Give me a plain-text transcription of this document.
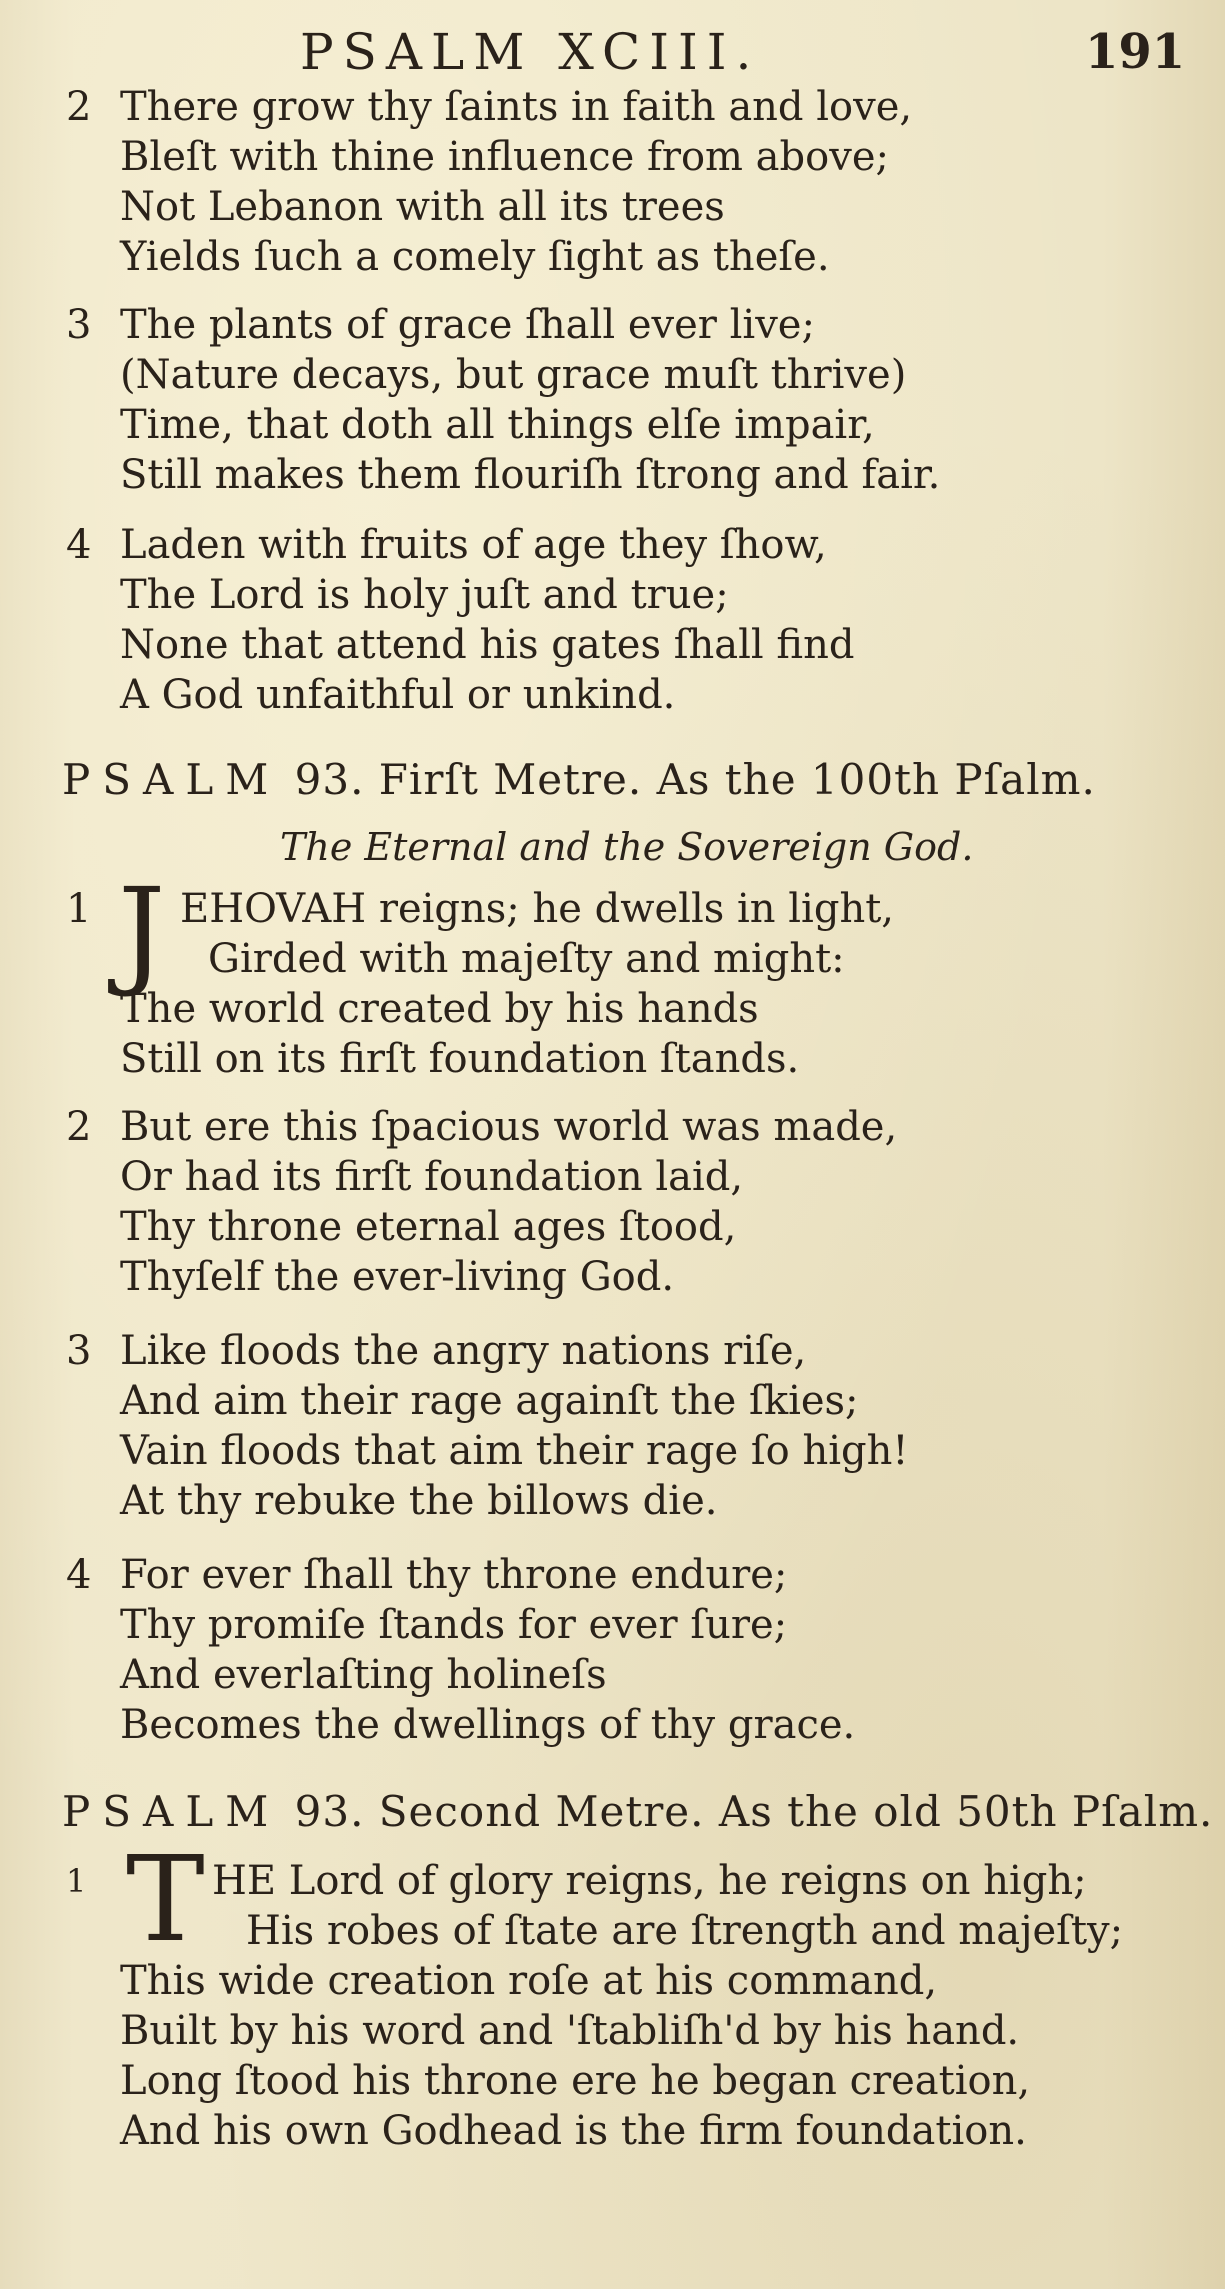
PSALM XCIII.	191
2 There grow thy ſaints in faith and love,
Bleſt with thine influence from above;
Not Lebanon with all its trees
Yields ſuch a comely ſight as theſe.
3 The plants of grace ſhall ever live;
(Nature decays, but grace muſt thrive)
Time, that doth all things elſe impair,
Still makes them flouriſh ſtrong and fair.
4 Laden with fruits of age they ſhow,
The Lord is holy juſt and true;
None that attend his gates ſhall find
A God unfaithful or unkind.
PSALM 93. Firſt Metre. As the 100th Pſalm.
The Eternal and the Sovereign God.
1 J EHOVAH reigns; he dwells in light,
Girded with majeſty and might:
The world created by his hands
Still on its firſt foundation ſtands.
2 But ere this ſpacious world was made,
Or had its firſt foundation laid,
Thy throne eternal ages ſtood,
Thyſelf the ever-living God.
3 Like floods the angry nations riſe,
And aim their rage againſt the ſkies;
Vain floods that aim their rage ſo high!
At thy rebuke the billows die.
4 For ever ſhall thy throne endure;
Thy promiſe ſtands for ever ſure;
And everlaſting holineſs
Becomes the dwellings of thy grace.
PSALM 93. Second Metre. As the old 50th Pſalm.
1 T HE Lord of glory reigns, he reigns on high;
His robes of ſtate are ſtrength and majeſty;
This wide creation roſe at his command,
Built by his word and 'ſtabliſh'd by his hand.
Long ſtood his throne ere he began creation,
And his own Godhead is the firm foundation.
